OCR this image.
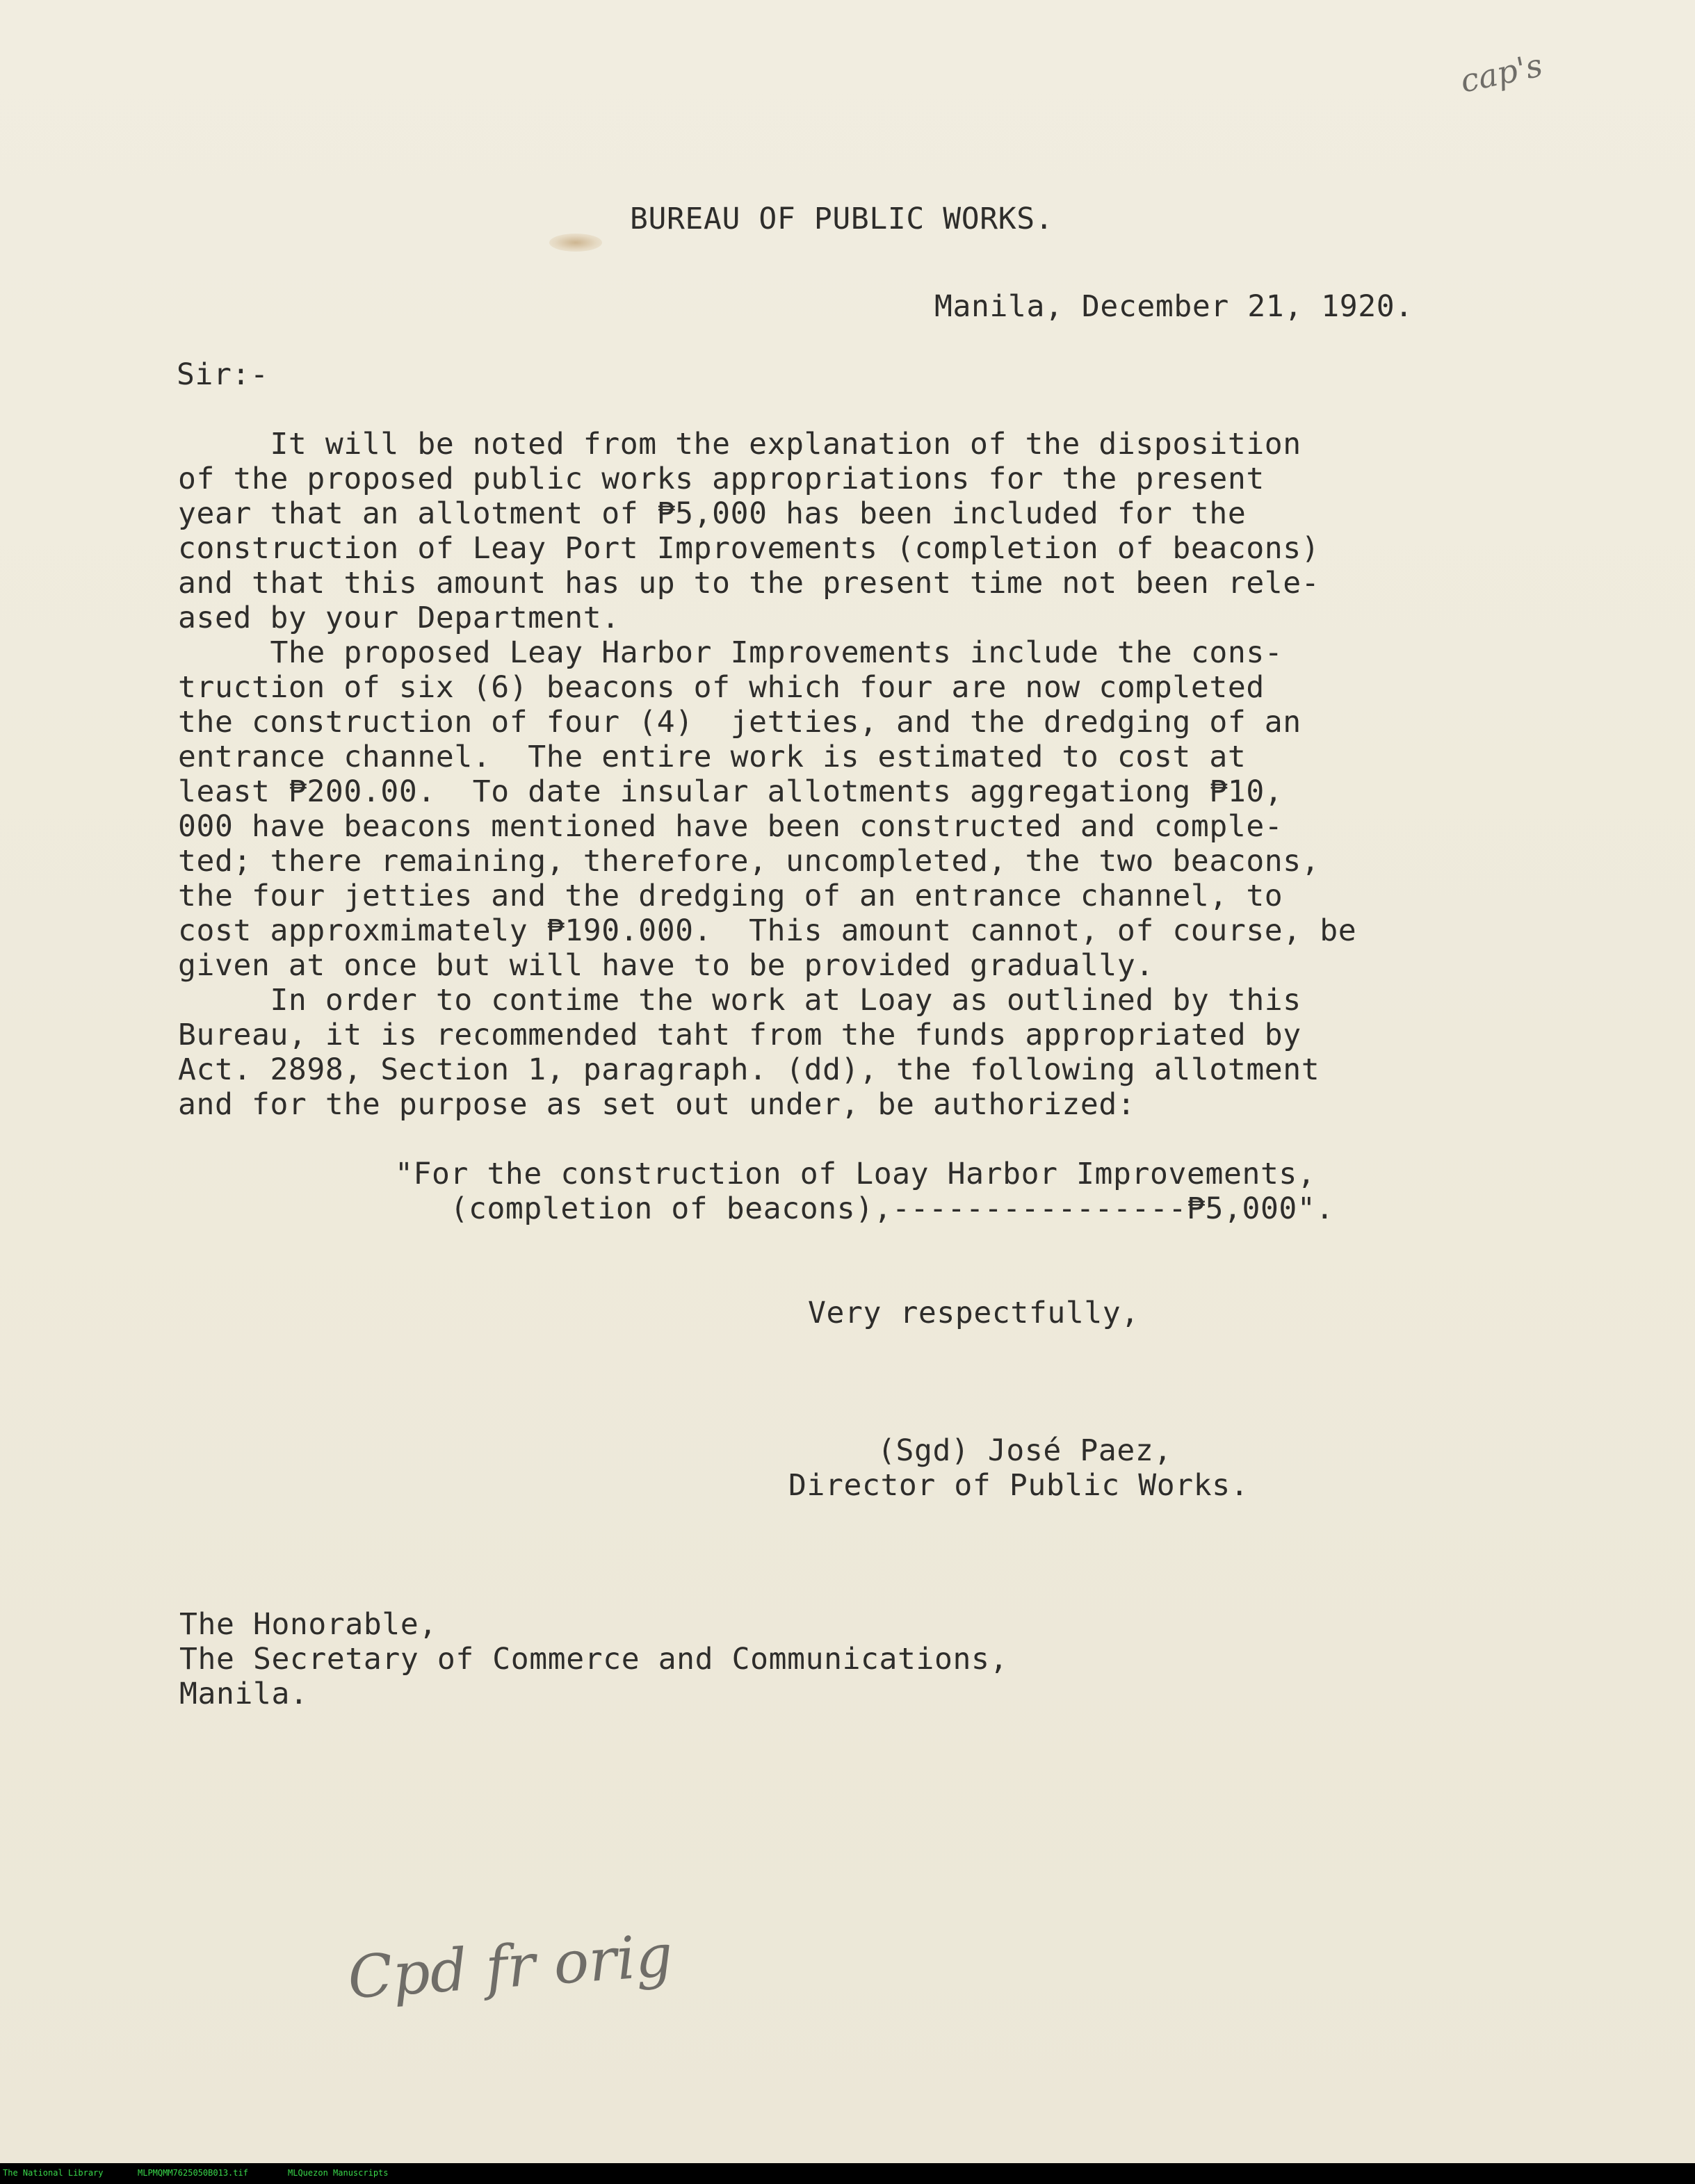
cap's
BUREAU OF PUBLIC WORKS.
Manila, December 21, 1920.
Sir:-
It will be noted from the explanation of the disposition
of the proposed public works appropriations for the present
year that an allotment of ₱5,000 has been included for the
construction of Leay Port Improvements (completion of beacons)
and that this amount has up to the present time not been rele-
ased by your Department.
The proposed Leay Harbor Improvements include the cons-
truction of six (6) beacons of which four are now completed
the construction of four (4)  jetties, and the dredging of an
entrance channel.  The entire work is estimated to cost at
least ₱200.00.  To date insular allotments aggregationg ₱10,
000 have beacons mentioned have been constructed and comple-
ted; there remaining, therefore, uncompleted, the two beacons,
the four jetties and the dredging of an entrance channel, to
cost approxmimately ₱190.000.  This amount cannot, of course, be
given at once but will have to be provided gradually.
In order to contime the work at Loay as outlined by this
Bureau, it is recommended taht from the funds appropriated by
Act. 2898, Section 1, paragraph. (dd), the following allotment
and for the purpose as set out under, be authorized:
"For the construction of Loay Harbor Improvements,
(completion of beacons),----------------₱5,000".
Very respectfully,
(Sgd) José Paez,
Director of Public Works.
The Honorable,
The Secretary of Commerce and Communications,
Manila.
Cpd fr orig
The National Library	MLPMQMM7625050B013.tif	MLQuezon Manuscripts
